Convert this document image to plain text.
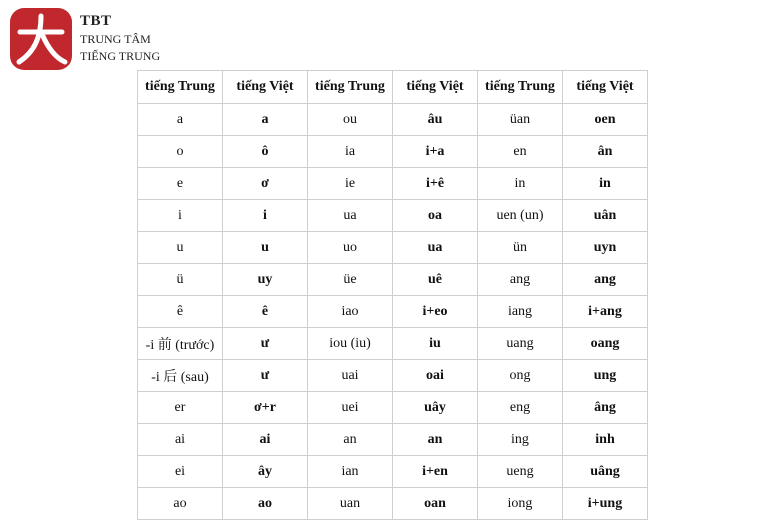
TBT
TRUNG TÂM
TIẾNG TRUNG
tiếng Trung	tiếng Việt	tiếng Trung	tiếng Việt	tiếng Trung	tiếng Việt
a	a	ou	âu	üan	oen
o	ô	ia	i+a	en	ân
e	ơ	ie	i+ê	in	in
i	i	ua	oa	uen (un)	uân
u	u	uo	ua	ün	uyn
ü	uy	üe	uê	ang	ang
ê	ê	iao	i+eo	iang	i+ang
-i 前 (trước)	ư	iou (iu)	iu	uang	oang
-i 后 (sau)	ư	uai	oai	ong	ung
er	ơ+r	uei	uây	eng	âng
ai	ai	an	an	ing	inh
ei	ây	ian	i+en	ueng	uâng
ao	ao	uan	oan	iong	i+ung
